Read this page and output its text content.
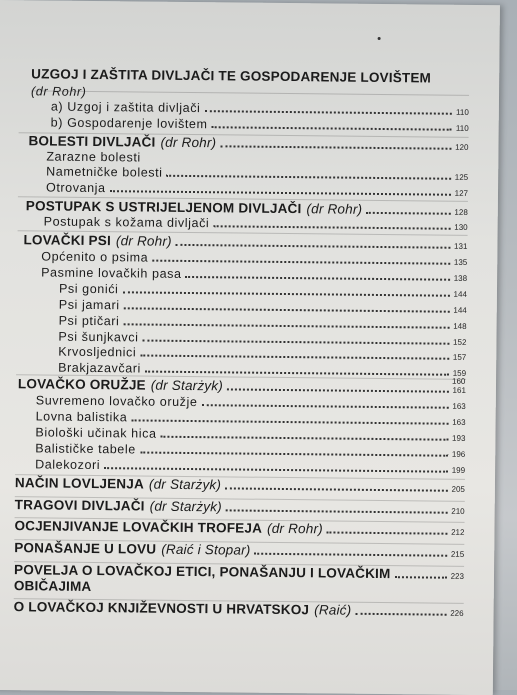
UZGOJ I ZAŠTITA DIVLJAČI TE GOSPODARENJE LOVIŠTEM
(dr Rohr)
a) Uzgoj i zaštita divljači	110
b) Gospodarenje lovištem	110
BOLESTI DIVLJAČI (dr Rohr)	120
Zarazne bolesti
Nametničke bolesti	125
Otrovanja	127
POSTUPAK S USTRIJELJENOM DIVLJAČI (dr Rohr)	128
Postupak s kožama divljači	130
LOVAČKI PSI (dr Rohr)	131
Općenito o psima	135
Pasmine lovačkih pasa	138
Psi gonići	144
Psi jamari	144
Psi ptičari	148
Psi šunjkavci	152
Krvosljednici	157
Brakjazavčari	159
160
LOVAČKO ORUŽJE (dr Starżyk)	161
Suvremeno lovačko oružje	163
Lovna balistika	163
Biološki učinak hica	193
Balističke tabele	196
Dalekozori	199
NAČIN LOVLJENJA (dr Starżyk)	205
TRAGOVI DIVLJAČI (dr Starżyk)	210
OCJENJIVANJE LOVAČKIH TROFEJA (dr Rohr)	212
PONAŠANJE U LOVU (Raić i Stopar)	215
POVELJA O LOVAČKOJ ETICI, PONAŠANJU I LOVAČKIM	223
OBIČAJIMA
O LOVAČKOJ KNJIŽEVNOSTI U HRVATSKOJ (Raić)	226
